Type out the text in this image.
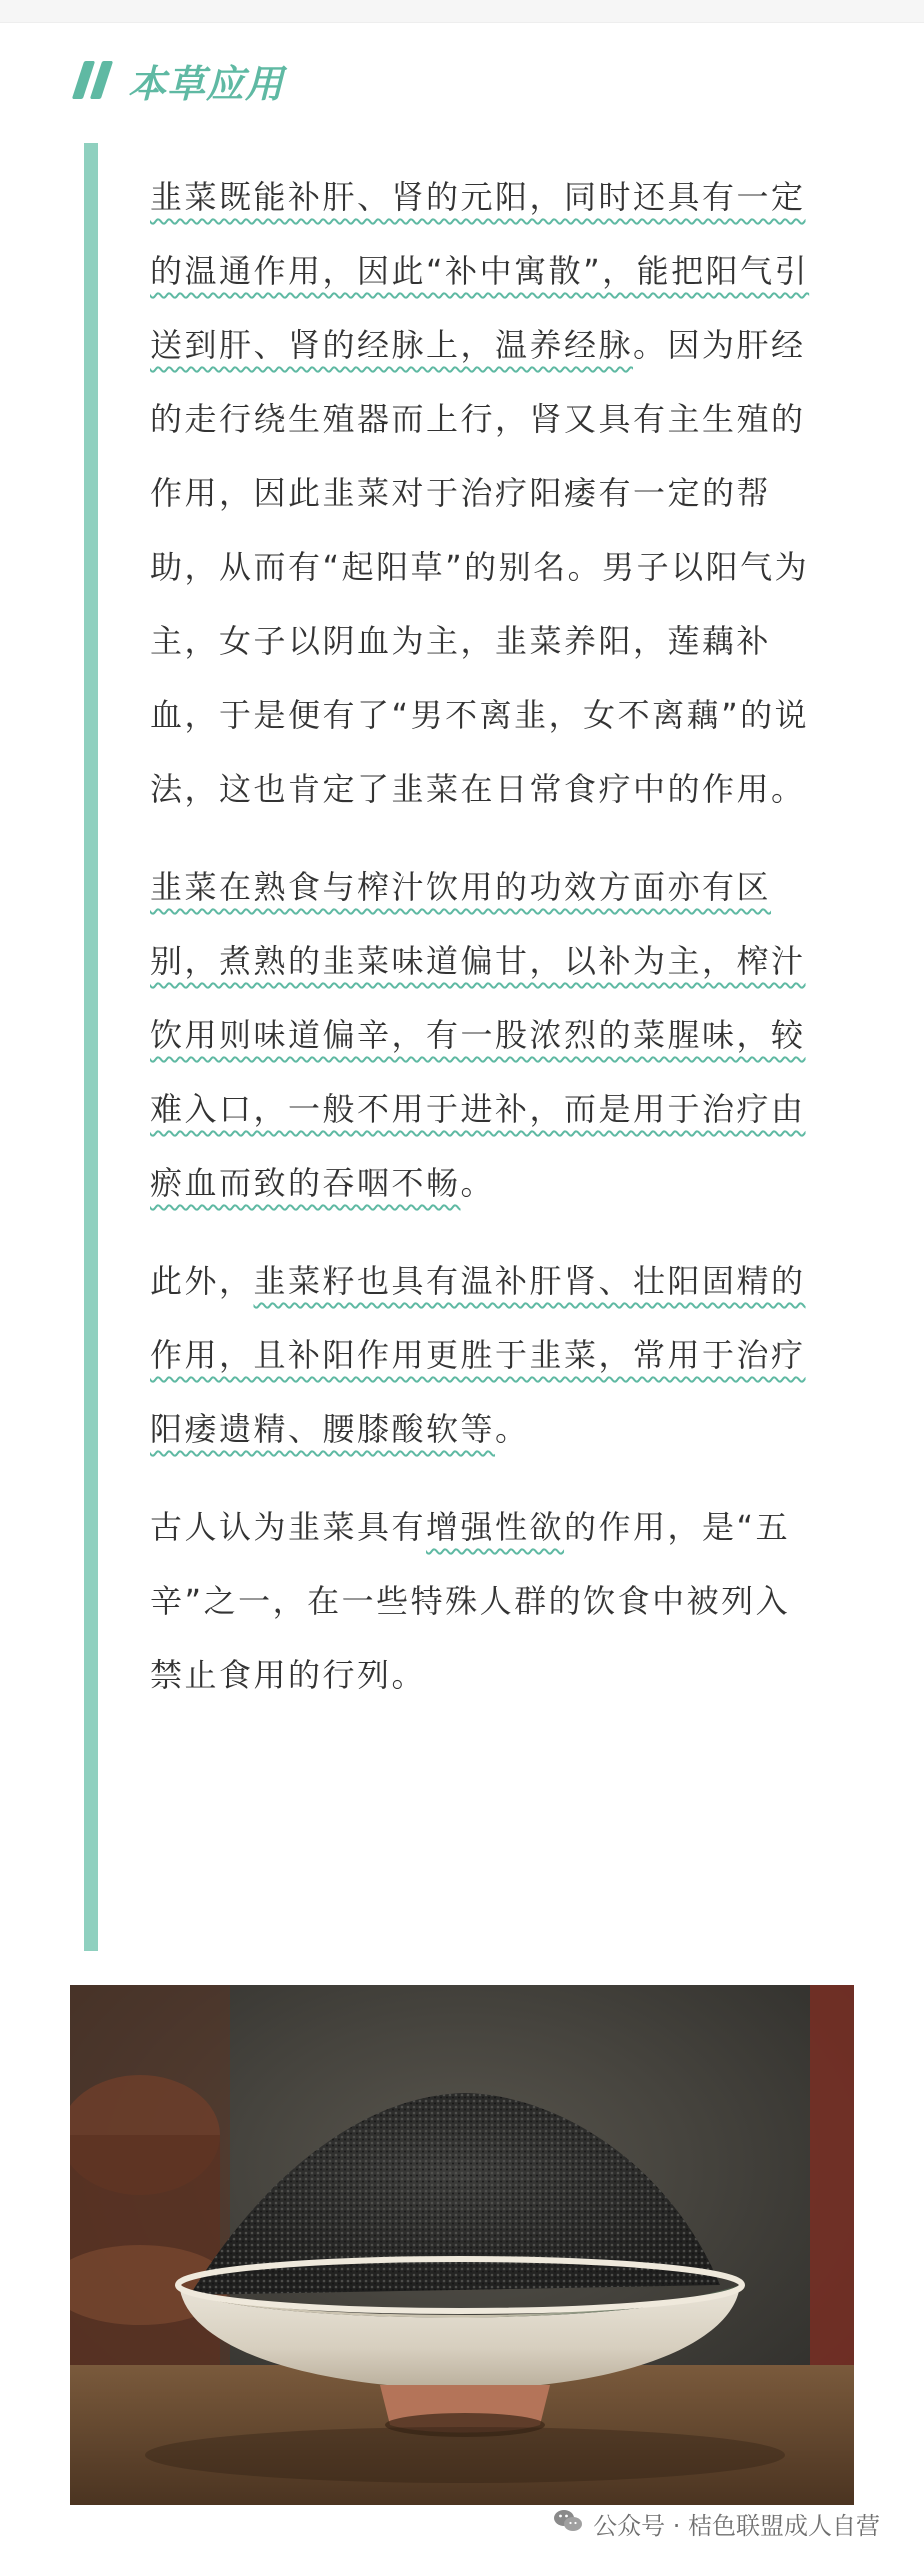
本草应用

韭菜既能补肝、肾的元阳，同时还具有一定的温通作用，因此“补中寓散”，能把阳气引送到肝、肾的经脉上，温养经脉。因为肝经的走行绕生殖器而上行，肾又具有主生殖的作用，因此韭菜对于治疗阳痿有一定的帮助，从而有“起阳草”的别名。男子以阳气为主，女子以阴血为主，韭菜养阳，莲藕补血，于是便有了“男不离韭，女不离藕”的说法，这也肯定了韭菜在日常食疗中的作用。

韭菜在熟食与榨汁饮用的功效方面亦有区别，煮熟的韭菜味道偏甘，以补为主，榨汁饮用则味道偏辛，有一股浓烈的菜腥味，较难入口，一般不用于进补，而是用于治疗由瘀血而致的吞咽不畅。

此外，韭菜籽也具有温补肝肾、壮阳固精的作用，且补阳作用更胜于韭菜，常用于治疗阳痿遗精、腰膝酸软等。

古人认为韭菜具有增强性欲的作用，是“五辛”之一，在一些特殊人群的饮食中被列入禁止食用的行列。

公众号 · 桔色联盟成人自营
